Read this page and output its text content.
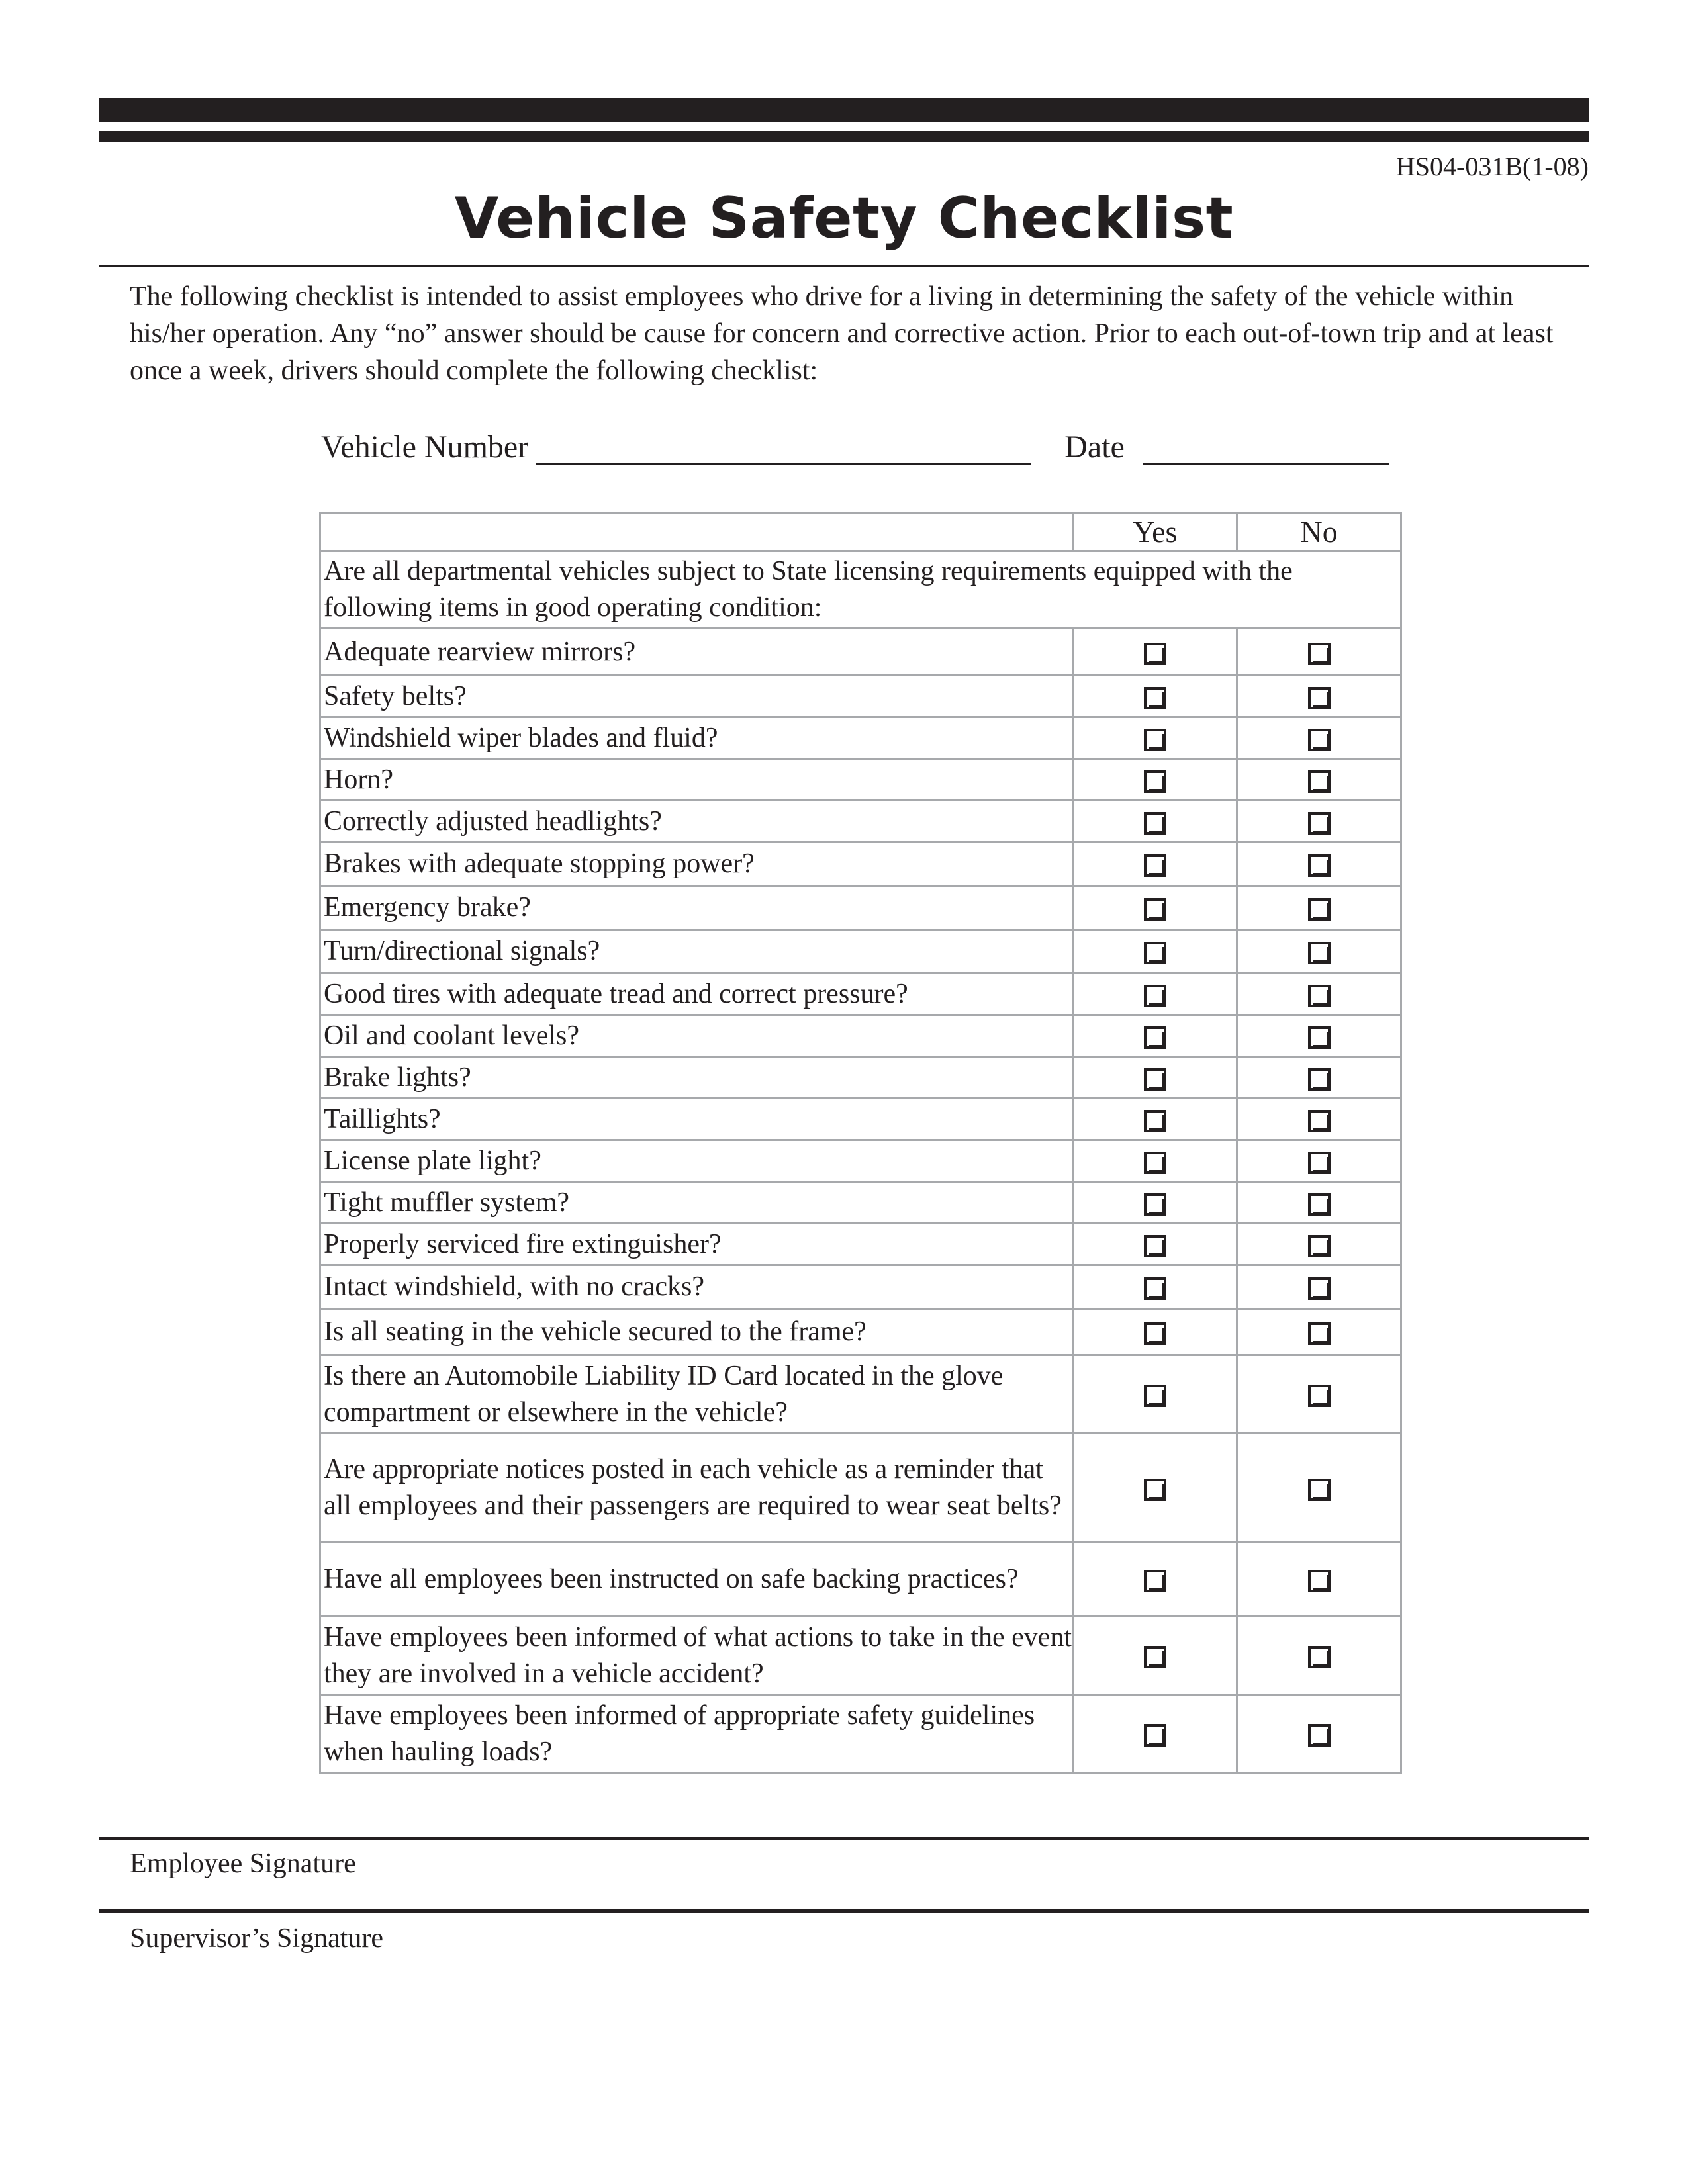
HS04-031B(1-08)
Vehicle Safety Checklist

The following checklist is intended to assist employees who drive for a living in determining the safety of the vehicle within his/her operation. Any “no” answer should be cause for concern and corrective action. Prior to each out-of-town trip and at least once a week, drivers should complete the following checklist:

Vehicle Number	Date
	Yes	No
Are all departmental vehicles subject to State licensing requirements equipped with the following items in good operating condition:		
Adequate rearview mirrors?		
Safety belts?		
Windshield wiper blades and fluid?		
Horn?		
Correctly adjusted headlights?		
Brakes with adequate stopping power?		
Emergency brake?		
Turn/directional signals?		
Good tires with adequate tread and correct pressure?		
Oil and coolant levels?		
Brake lights?		
Taillights?		
License plate light?		
Tight muffler system?		
Properly serviced fire extinguisher?		
Intact windshield, with no cracks?		
Is all seating in the vehicle secured to the frame?		
Is there an Automobile Liability ID Card located in the glove compartment or elsewhere in the vehicle?		
Are appropriate notices posted in each vehicle as a reminder that all employees and their passengers are required to wear seat belts?		
Have all employees been instructed on safe backing practices?		
Have employees been informed of what actions to take in the event they are involved in a vehicle accident?		
Have employees been informed of appropriate safety guidelines when hauling loads?		
Employee Signature
Supervisor’s Signature
